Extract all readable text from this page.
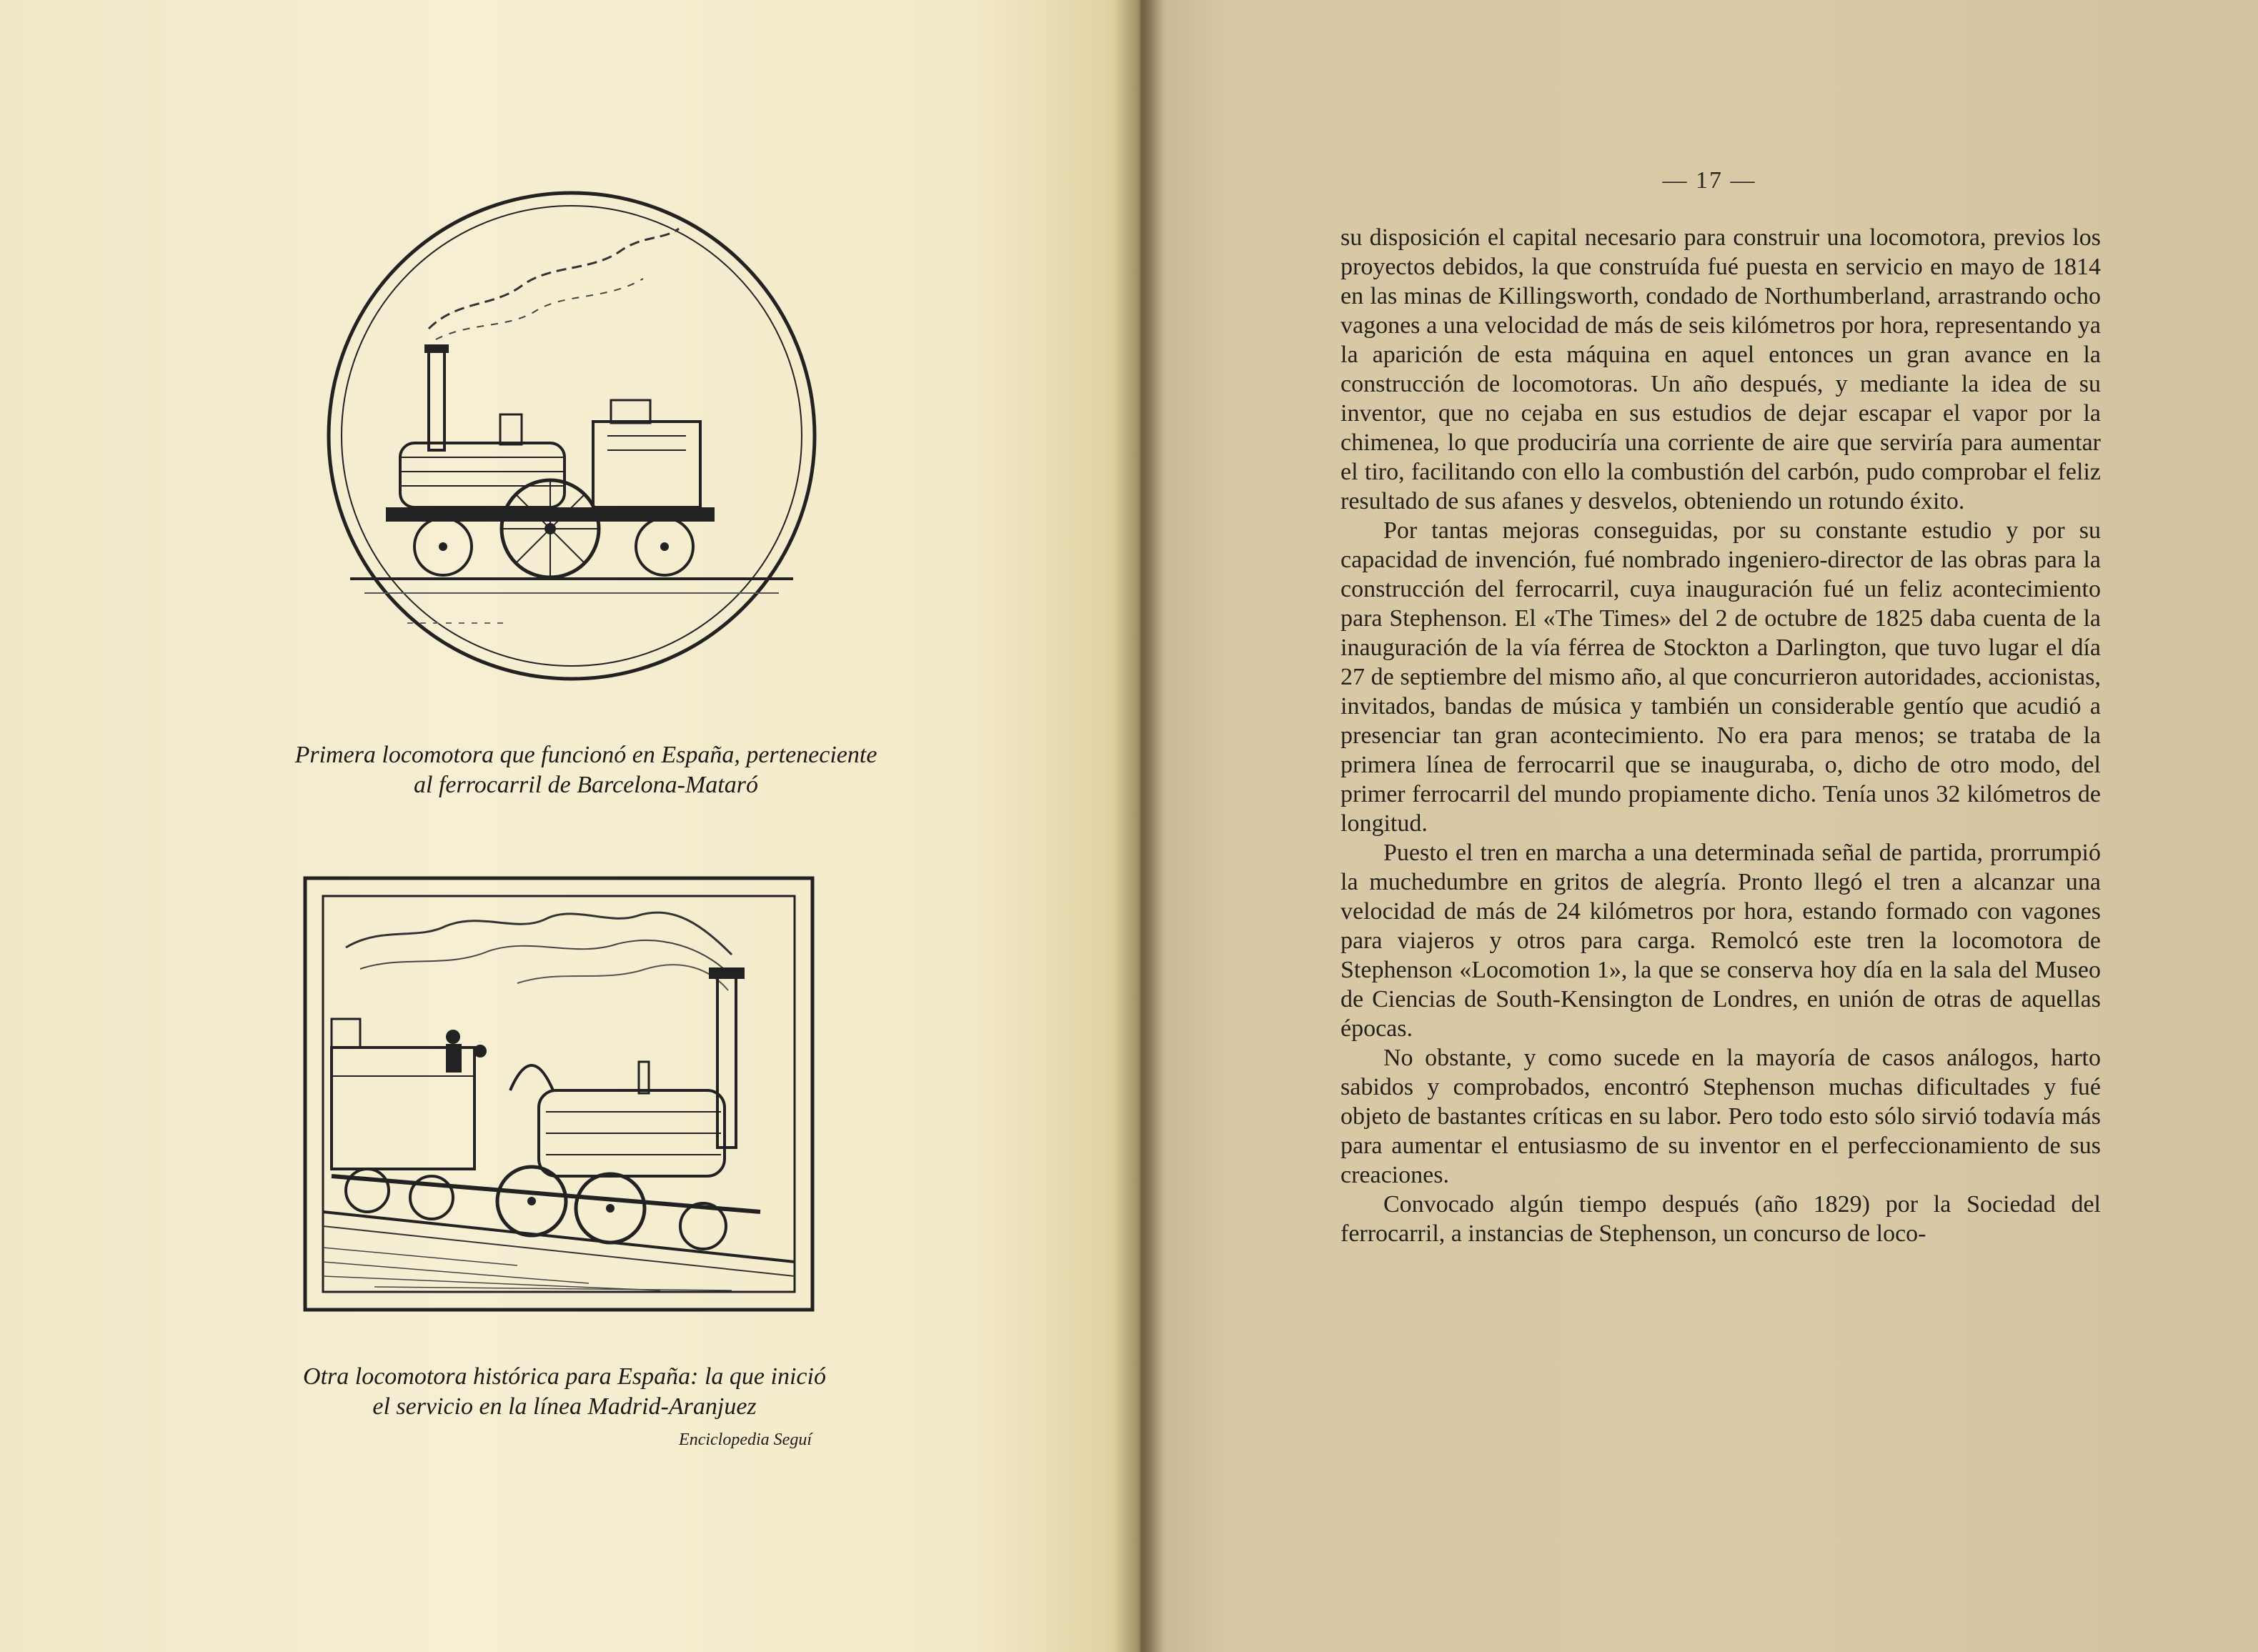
Primera locomotora que funcionó en España, perteneciente al ferrocarril de Barcelona-Mataró
Otra locomotora histórica para España: la que inició el servicio en la línea Madrid-Aranjuez
Enciclopedia Seguí
— 17 —

su disposición el capital necesario para construir una locomotora, previos los proyectos debidos, la que construída fué puesta en servicio en mayo de 1814 en las minas de Killingsworth, condado de Northumberland, arrastrando ocho vagones a una velocidad de más de seis kilómetros por hora, representando ya la aparición de esta máquina en aquel entonces un gran avance en la construcción de locomotoras. Un año después, y mediante la idea de su inventor, que no cejaba en sus estudios de dejar escapar el vapor por la chimenea, lo que produciría una corriente de aire que serviría para aumentar el tiro, facilitando con ello la combustión del carbón, pudo comprobar el feliz resultado de sus afanes y desvelos, obteniendo un rotundo éxito.

Por tantas mejoras conseguidas, por su constante estudio y por su capacidad de invención, fué nombrado ingeniero-director de las obras para la construcción del ferrocarril, cuya inauguración fué un feliz acontecimiento para Stephenson. El «The Times» del 2 de octubre de 1825 daba cuenta de la inauguración de la vía férrea de Stockton a Darlington, que tuvo lugar el día 27 de septiembre del mismo año, al que concurrieron autoridades, accionistas, invitados, bandas de música y también un considerable gentío que acudió a presenciar tan gran acontecimiento. No era para menos; se trataba de la primera línea de ferrocarril que se inauguraba, o, dicho de otro modo, del primer ferrocarril del mundo propiamente dicho. Tenía unos 32 kilómetros de longitud.

Puesto el tren en marcha a una determinada señal de partida, prorrumpió la muchedumbre en gritos de alegría. Pronto llegó el tren a alcanzar una velocidad de más de 24 kilómetros por hora, estando formado con vagones para viajeros y otros para carga. Remolcó este tren la locomotora de Stephenson «Locomotion 1», la que se conserva hoy día en la sala del Museo de Ciencias de South-Kensington de Londres, en unión de otras de aquellas épocas.

No obstante, y como sucede en la mayoría de casos análogos, harto sabidos y comprobados, encontró Stephenson muchas dificultades y fué objeto de bastantes críticas en su labor. Pero todo esto sólo sirvió todavía más para aumentar el entusiasmo de su inventor en el perfeccionamiento de sus creaciones.

Convocado algún tiempo después (año 1829) por la Sociedad del ferrocarril, a instancias de Stephenson, un concurso de loco-
